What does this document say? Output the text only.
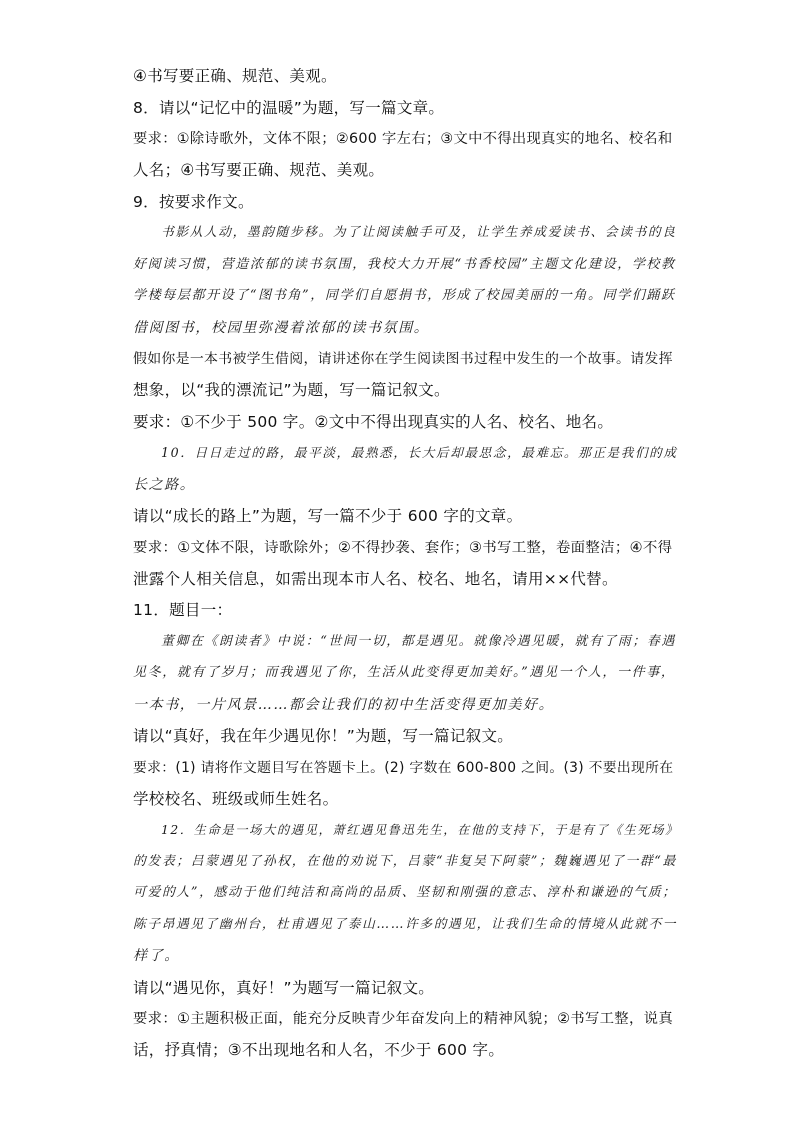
④书写要正确、规范、美观。
8．请以“记忆中的温暖”为题，写一篇文章。
要求：①除诗歌外，文体不限；②600 字左右；③文中不得出现真实的地名、校名和
人名；④书写要正确、规范、美观。
9．按要求作文。
书影从人动，墨韵随步移。为了让阅读触手可及，让学生养成爱读书、会读书的良
好阅读习惯，营造浓郁的读书氛围，我校大力开展“书香校园”主题文化建设，学校教
学楼每层都开设了“图书角”，同学们自愿捐书，形成了校园美丽的一角。同学们踊跃
借阅图书，校园里弥漫着浓郁的读书氛围。
假如你是一本书被学生借阅，请讲述你在学生阅读图书过程中发生的一个故事。请发挥
想象，以“我的漂流记”为题，写一篇记叙文。
要求：①不少于 500 字。②文中不得出现真实的人名、校名、地名。
10．日日走过的路，最平淡，最熟悉，长大后却最思念，最难忘。那正是我们的成
长之路。
请以“成长的路上”为题，写一篇不少于 600 字的文章。
要求：①文体不限，诗歌除外；②不得抄袭、套作；③书写工整，卷面整洁；④不得
泄露个人相关信息，如需出现本市人名、校名、地名，请用××代替。
11．题目一：
董卿在《朗读者》中说：“世间一切，都是遇见。就像冷遇见暖，就有了雨；春遇
见冬，就有了岁月；而我遇见了你，生活从此变得更加美好。”遇见一个人，一件事，
一本书，一片风景……都会让我们的初中生活变得更加美好。
请以“真好，我在年少遇见你！”为题，写一篇记叙文。
要求：(1) 请将作文题目写在答题卡上。(2) 字数在 600-800 之间。(3) 不要出现所在
学校校名、班级或师生姓名。
12．生命是一场大的遇见，萧红遇见鲁迅先生，在他的支持下，于是有了《生死场》
的发表；吕蒙遇见了孙权，在他的劝说下，吕蒙“非复吴下阿蒙”；魏巍遇见了一群“最
可爱的人”，感动于他们纯洁和高尚的品质、坚韧和刚强的意志、淳朴和谦逊的气质；
陈子昂遇见了幽州台，杜甫遇见了泰山……许多的遇见，让我们生命的情境从此就不一
样了。
请以“遇见你，真好！”为题写一篇记叙文。
要求：①主题积极正面，能充分反映青少年奋发向上的精神风貌；②书写工整，说真
话，抒真情；③不出现地名和人名，不少于 600 字。
